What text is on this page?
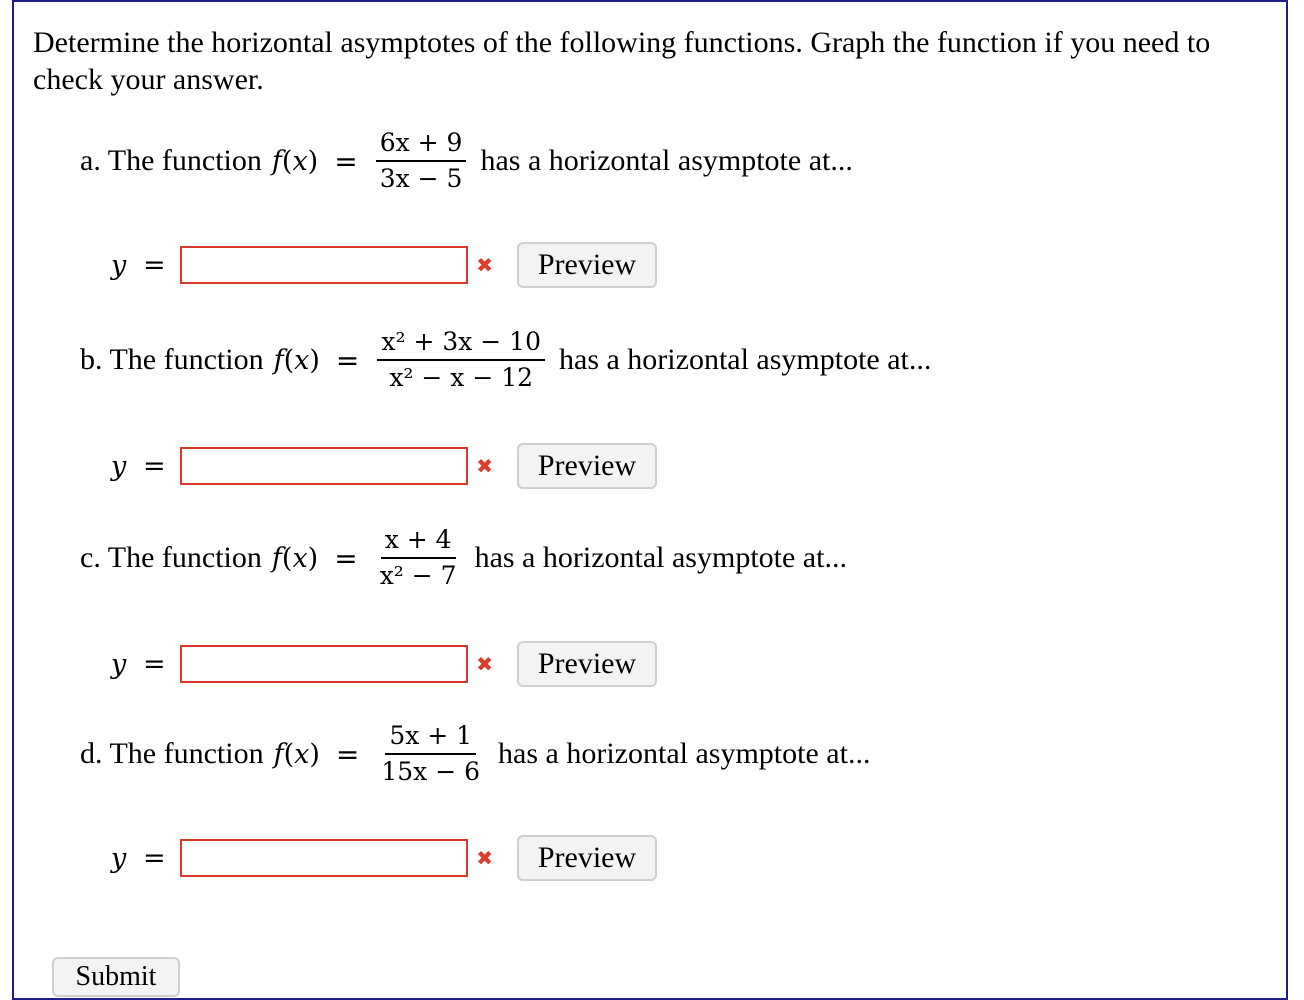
Determine the horizontal asymptotes of the following functions. Graph the function if you need to check your answer.
a. The function f ( x ) = $\frac{6x + 9}{3x - 5}$ has a horizontal asymptote at...
y =	✖	Preview
b. The function f ( x ) = $\frac{\text{x² + 3x − 10}}{\text{x² − x − 12}}$ has a horizontal asymptote at...
y =	✖	Preview
c. The function f ( x ) = $\frac{x + 4}{\text{x² − 7}}$ has a horizontal asymptote at...
y =	✖	Preview
d. The function f ( x ) = $\frac{5x + 1}{15x - 6}$ has a horizontal asymptote at...
y =	✖	Preview
Submit
